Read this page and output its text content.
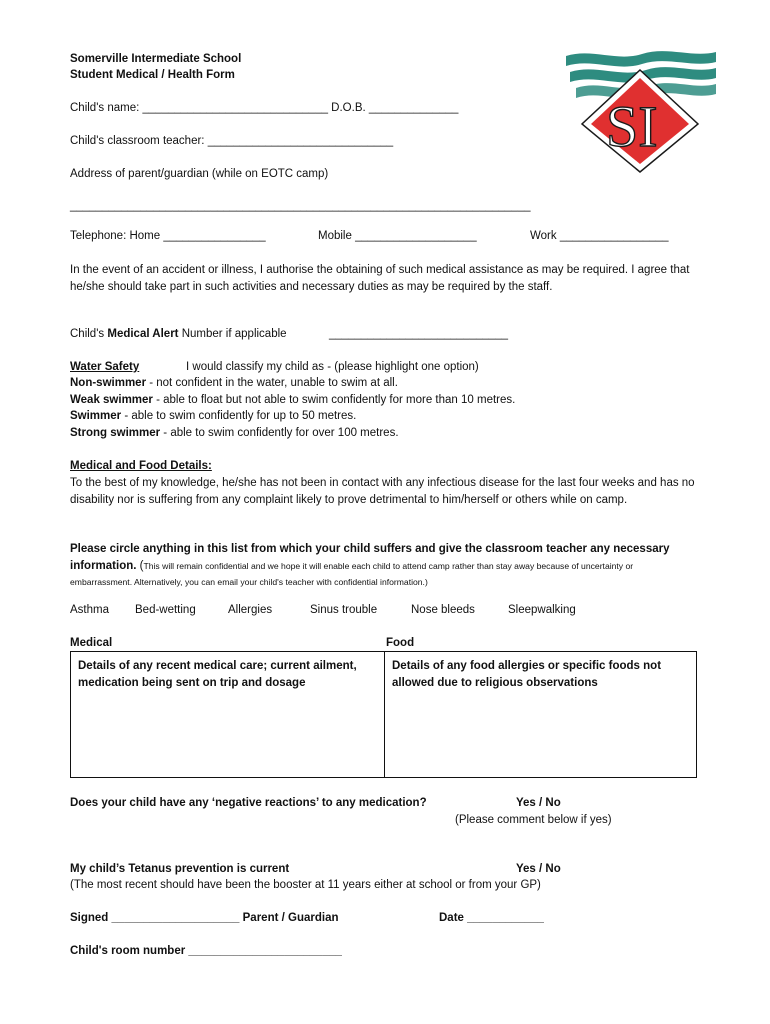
Somerville Intermediate School
Student Medical / Health Form
SI
Child's name: _____________________________ D.O.B. ______________
Child's classroom teacher: _____________________________
Address of parent/guardian (while on EOTC camp)
________________________________________________________________________
Telephone: Home ________________	Mobile ___________________	Work _________________
In the event of an accident or illness, I authorise the obtaining of such medical assistance as may be required. I agree that he/she should take part in such activities and necessary duties as may be required by the staff.
Child's Medical Alert Number if applicable	____________________________
Water Safety	I would classify my child as - (please highlight one option)
Non-swimmer - not confident in the water, unable to swim at all.
Weak swimmer - able to float but not able to swim confidently for more than 10 metres.
Swimmer - able to swim confidently for up to 50 metres.
Strong swimmer - able to swim confidently for over 100 metres.
Medical and Food Details:
To the best of my knowledge, he/she has not been in contact with any infectious disease for the last four weeks and has no disability nor is suffering from any complaint likely to prove detrimental to him/herself or others while on camp.
Please circle anything in this list from which your child suffers and give the classroom teacher any necessary information. (This will remain confidential and we hope it will enable each child to attend camp rather than stay away because of uncertainty or embarrassment. Alternatively, you can email your child's teacher with confidential information.)
Asthma Bed-wetting	Allergies	Sinus trouble	Nose bleeds	Sleepwalking
Medical	Food
Details of any recent medical care; current ailment, medication being sent on trip and dosage
Details of any food allergies or specific foods not allowed due to religious observations
Does your child have any ‘negative reactions’ to any medication?	Yes / No
(Please comment below if yes)
My child’s Tetanus prevention is current	Yes / No
(The most recent should have been the booster at 11 years either at school or from your GP)
Signed ____________________ Parent / Guardian	Date ____________
Child's room number ________________________
